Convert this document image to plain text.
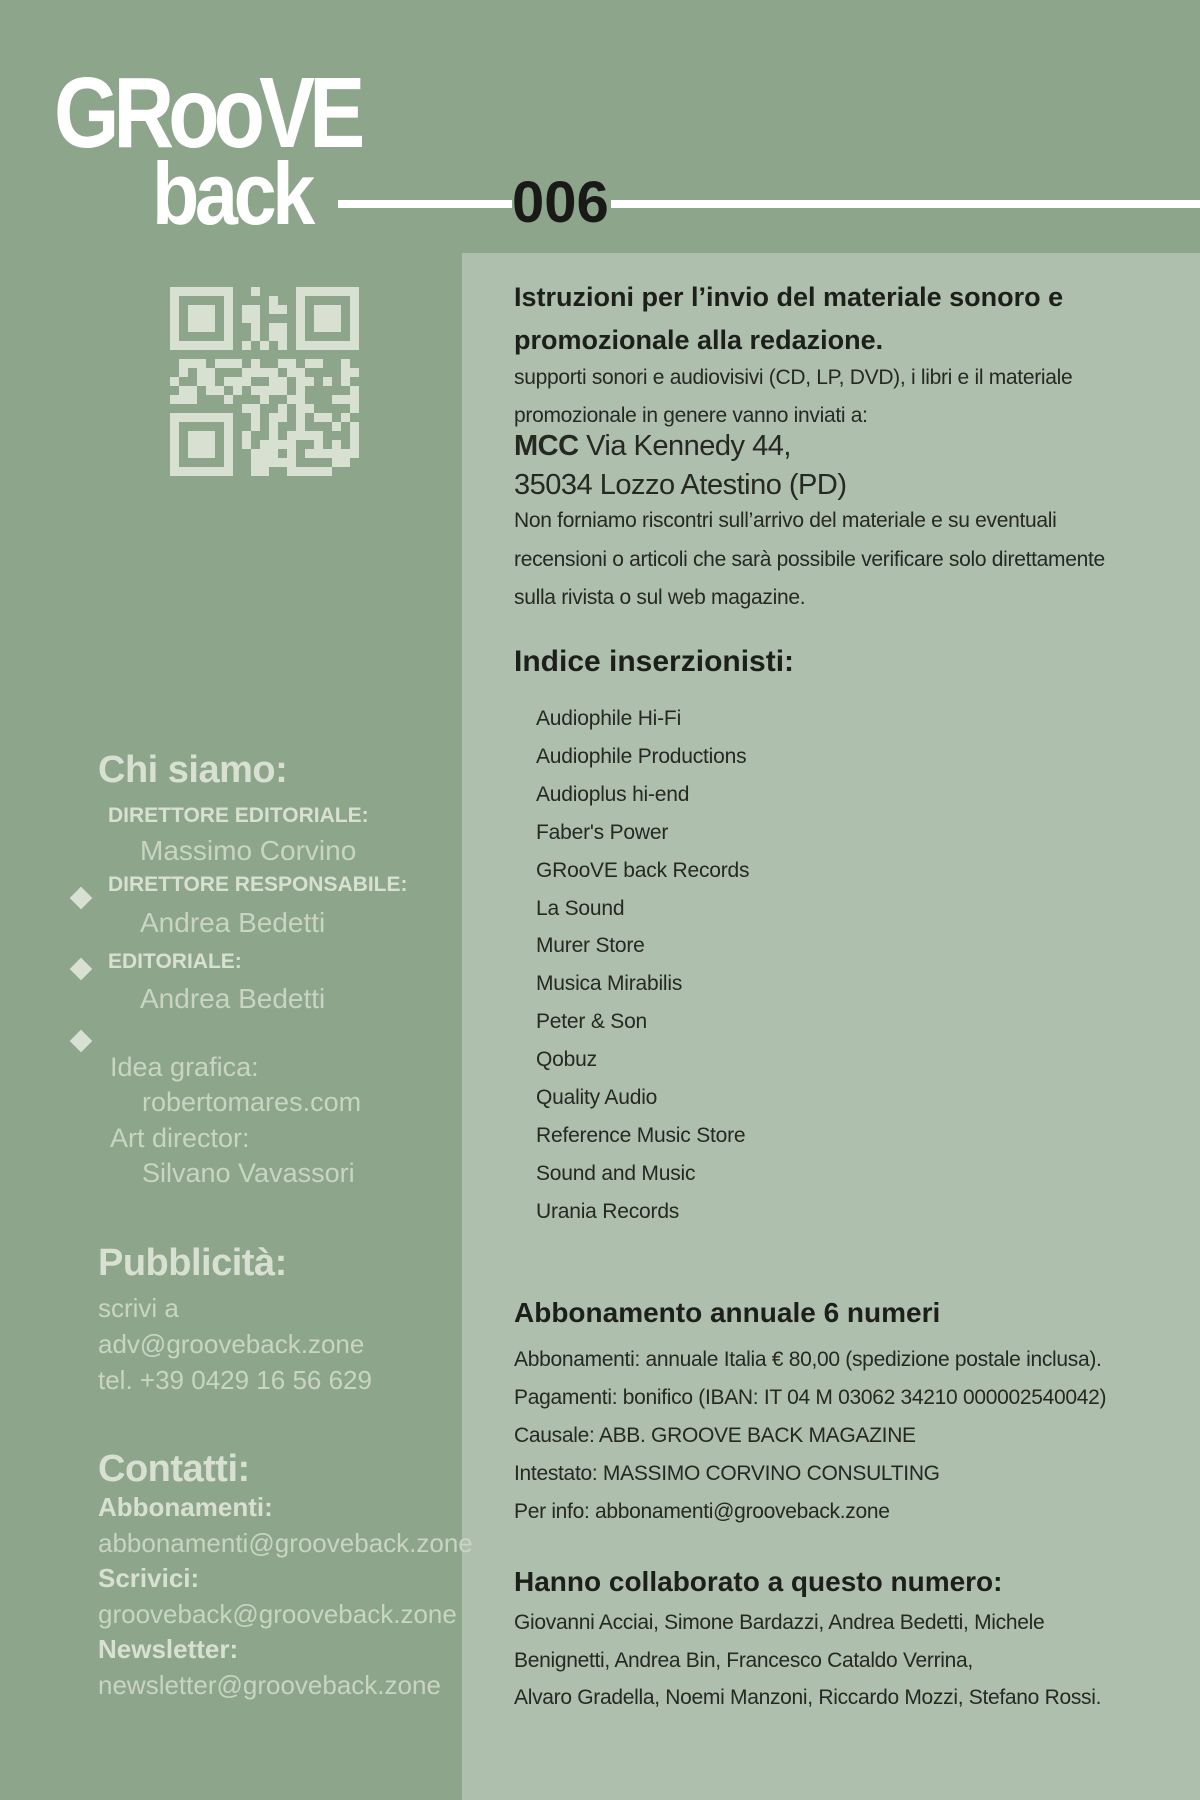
GRooVE
back	006
Chi siamo:
DIRETTORE EDITORIALE:
Massimo Corvino
DIRETTORE RESPONSABILE:
Andrea Bedetti
EDITORIALE:
Andrea Bedetti
Idea grafica:
robertomares.com
Art director:
Silvano Vavassori
Pubblicità:
scrivi a
adv@grooveback.zone
tel. +39 0429 16 56 629
Contatti:
Abbonamenti:
abbonamenti@grooveback.zone
Scrivici:
grooveback@grooveback.zone
Newsletter:
newsletter@grooveback.zone
Istruzioni per l’invio del materiale sonoro e
promozionale alla redazione.
supporti sonori e audiovisivi (CD, LP, DVD), i libri e il materiale
promozionale in genere vanno inviati a:
MCC Via Kennedy 44,
35034 Lozzo Atestino (PD)
Non forniamo riscontri sull’arrivo del materiale e su eventuali
recensioni o articoli che sarà possibile verificare solo direttamente
sulla rivista o sul web magazine.
Indice inserzionisti:
Audiophile Hi-Fi
Audiophile Productions
Audioplus hi-end
Faber's Power
GRooVE back Records
La Sound
Murer Store
Musica Mirabilis
Peter & Son
Qobuz
Quality Audio
Reference Music Store
Sound and Music
Urania Records
Abbonamento annuale 6 numeri
Abbonamenti: annuale Italia € 80,00 (spedizione postale inclusa).
Pagamenti: bonifico (IBAN: IT 04 M 03062 34210 000002540042)
Causale: ABB. GROOVE BACK MAGAZINE
Intestato: MASSIMO CORVINO CONSULTING
Per info: abbonamenti@grooveback.zone
Hanno collaborato a questo numero:
Giovanni Acciai, Simone Bardazzi, Andrea Bedetti, Michele
Benignetti, Andrea Bin, Francesco Cataldo Verrina,
Alvaro Gradella, Noemi Manzoni, Riccardo Mozzi, Stefano Rossi.
